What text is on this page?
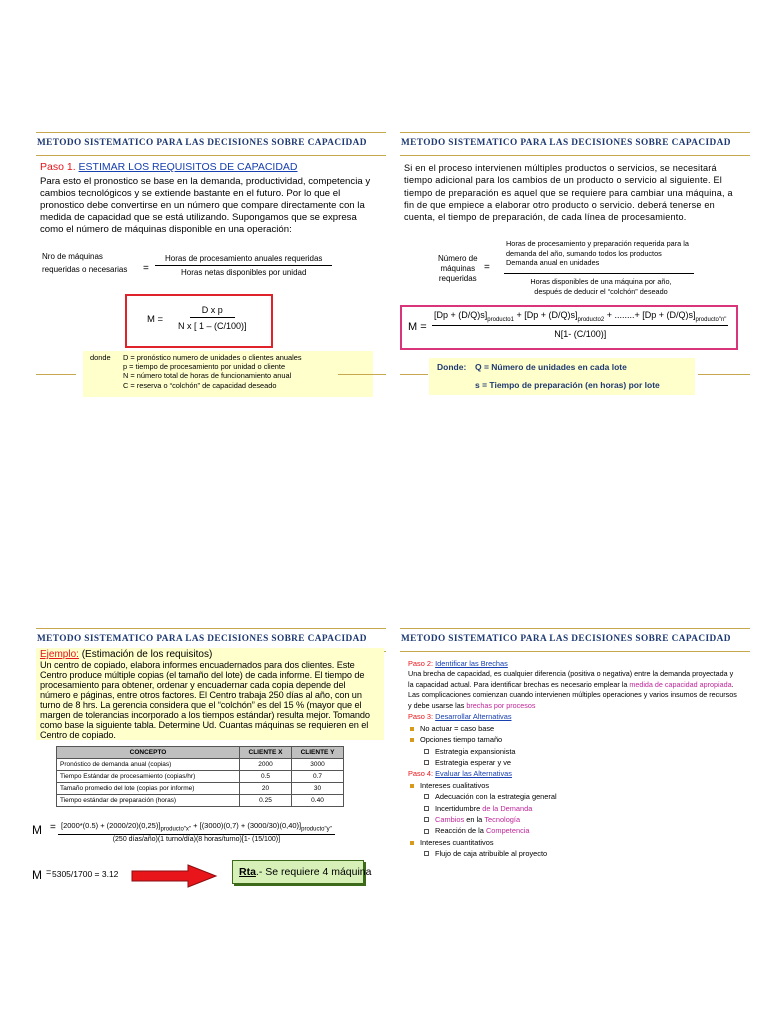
METODO SISTEMATICO PARA LAS DECISIONES SOBRE CAPACIDAD
Paso 1. ESTIMAR LOS REQUISITOS DE CAPACIDAD
Para esto el pronostico se base en la demanda, productividad, competencia y cambios tecnológicos y se extiende bastante en el futuro. Por lo que el pronostico debe convertirse en un número que compare directamente con la medida de capacidad que se está utilizando. Supongamos que se expresa como el número de máquinas disponible en una operación:
Nro de máquinas
requeridas o necesarias = $\frac{\text{Horas de procesamiento anuales requeridas}}{\text{Horas netas disponibles por unidad}}$
$M = \frac{\text{D x p}}{\text{N x [ 1 – (C/100)]}}$
donde D = pronóstico numero de unidades o clientes anuales
p = tiempo de procesamiento por unidad o cliente
N = número total de horas de funcionamiento anual
C = reserva o “colchón” de capacidad deseado
METODO SISTEMATICO PARA LAS DECISIONES SOBRE CAPACIDAD
Si en el proceso intervienen múltiples productos o servicios, se necesitará tiempo adicional para los cambios de un producto o servicio al siguiente. El tiempo de preparación es aquel que se requiere para cambiar una máquina, a fin de que empiece a elaborar otro producto o servicio. deberá tenerse en cuenta, el tiempo de preparación, de cada línea de procesamiento.
Número de
máquinas
requeridas
=
Horas de procesamiento y preparación requerida para la demanda del año, sumando todos los productos Demanda anual en unidades
Horas disponibles de una máquina por año, después de deducir el “colchón” deseado
M =
$[Dp + (D/Q)s]_{producto1} + [Dp + (D/Q)s]_{producto2}$ + ........+ $[Dp + (D/Q)s]_{producto"n"}$
N[1- (C/100)]
Donde: Q = Número de unidades en cada lote
s = Tiempo de preparación (en horas) por lote
METODO SISTEMATICO PARA LAS DECISIONES SOBRE CAPACIDAD
Ejemplo: (Estimación de los requisitos)
Un centro de copiado, elabora informes encuadernados para dos clientes. Este Centro produce múltiple copias (el tamaño del lote) de cada informe. El tiempo de procesamiento para obtener, ordenar y encuadernar cada copia depende del número e páginas, entre otros factores. El Centro trabaja 250 días al año, con un turno de 8 hrs. La gerencia considera que el “colchón” es del 15 % (mayor que el margen de tolerancias incorporado a los tiempos estándar) resulta mejor. Tomando como base la siguiente tabla. Determine Ud. Cuantas máquinas se requieren en el Centro de copiado.
CONCEPTO	CLIENTE X	CLIENTE Y
Pronóstico de demanda anual (copias)	2000	3000
Tiempo Estándar de procesamiento (copias/hr)	0.5	0.7
Tamaño promedio del lote (copias por informe)	20	30
Tiempo estándar de preparación (horas)	0.25	0.40
$M = [2000*(0.5) + (2000/20)(0,25)]_{producto"x"} + [(3000)(0,7) + (3000/30)(0,40)]_{producto"y"}$
(250 días/año)(1 turno/día)(8 horas/turno)[1- (15/100)]
M = 5305/1700 = 3.12	Rta.- Se requiere 4 máquina
METODO SISTEMATICO PARA LAS DECISIONES SOBRE CAPACIDAD
Paso 2: Identificar las Brechas
Una brecha de capacidad, es cualquier diferencia (positiva o negativa) entre la demanda proyectada y la capacidad actual. Para identificar brechas es necesario emplear la medida de capacidad apropiada. Las complicaciones comienzan cuando intervienen múltiples operaciones y varios insumos de recursos y debe usarse las brechas por procesos
Paso 3: Desarrollar Alternativas
No actuar = caso base
Opciones tiempo tamaño
Estrategia expansionista
Estrategia esperar y ve
Paso 4: Evaluar las Alternativas
Intereses cualitativos
Adecuación con la estrategia general
Incertidumbre
de la Demanda
Cambios
en la
Tecnología
Reacción de la
Competencia
Intereses cuantitativos
Flujo de caja atribuible al proyecto
